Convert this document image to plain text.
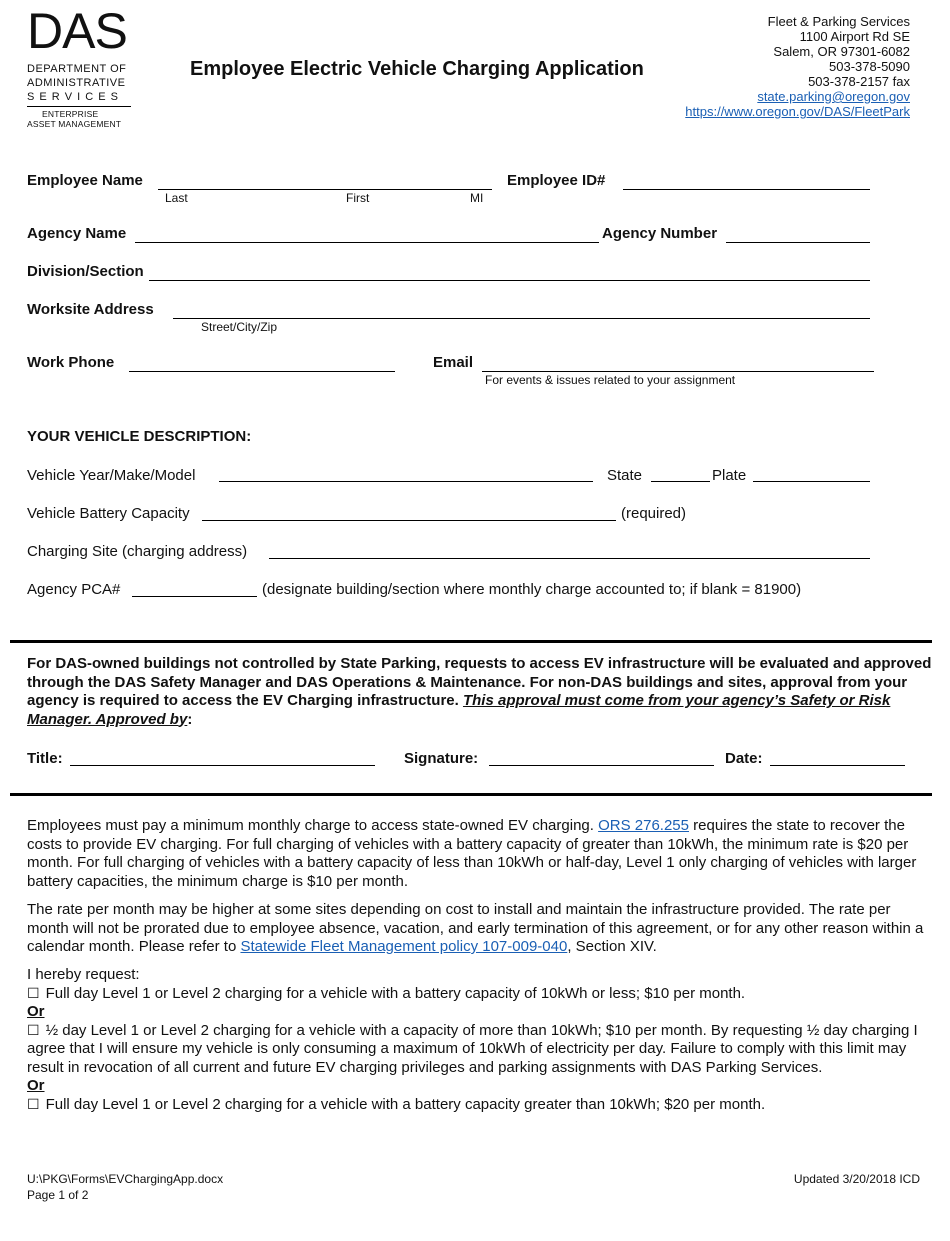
DAS
DEPARTMENT OF
ADMINISTRATIVE
S E R V I C E S
ENTERPRISE
ASSET MANAGEMENT
Employee Electric Vehicle Charging Application
Fleet & Parking Services
1100 Airport Rd SE
Salem, OR 97301-6082
503-378-5090
503-378-2157 fax
state.parking@oregon.gov
https://www.oregon.gov/DAS/FleetPark
Employee Name
Last	First	MI
Employee ID#
Agency Name	Agency Number
Division/Section
Worksite Address
Street/City/Zip
Work Phone	Email
For events & issues related to your assignment
YOUR VEHICLE DESCRIPTION:
Vehicle Year/Make/Model	State	Plate
Vehicle Battery Capacity	(required)
Charging Site (charging address)
Agency PCA#	(designate building/section where monthly charge accounted to; if blank = 81900)
For DAS-owned buildings not controlled by State Parking, requests to access EV infrastructure will be evaluated and approved through the DAS Safety Manager and DAS Operations & Maintenance. For non-DAS buildings and sites, approval from your agency is required to access the EV Charging infrastructure. This approval must come from your agency’s Safety or Risk Manager. Approved by:
Title:	Signature:	Date:
Employees must pay a minimum monthly charge to access state-owned EV charging. ORS 276.255 requires the state to recover the costs to provide EV charging. For full charging of vehicles with a battery capacity of greater than 10kWh, the minimum rate is $20 per month. For full charging of vehicles with a battery capacity of less than 10kWh or half-day, Level 1 only charging of vehicles with larger battery capacities, the minimum charge is $10 per month.
The rate per month may be higher at some sites depending on cost to install and maintain the infrastructure provided. The rate per month will not be prorated due to employee absence, vacation, and early termination of this agreement, or for any other reason within a calendar month. Please refer to Statewide Fleet Management policy 107-009-040, Section XIV.
I hereby request:
☐ Full day Level 1 or Level 2 charging for a vehicle with a battery capacity of 10kWh or less; $10 per month.
Or
☐ ½ day Level 1 or Level 2 charging for a vehicle with a capacity of more than 10kWh; $10 per month. By requesting ½ day charging I agree that I will ensure my vehicle is only consuming a maximum of 10kWh of electricity per day. Failure to comply with this limit may result in revocation of all current and future EV charging privileges and parking assignments with DAS Parking Services.
Or
☐ Full day Level 1 or Level 2 charging for a vehicle with a battery capacity greater than 10kWh; $20 per month.
U:\PKG\Forms\EVChargingApp.docx
Page 1 of 2
Updated 3/20/2018 ICD
